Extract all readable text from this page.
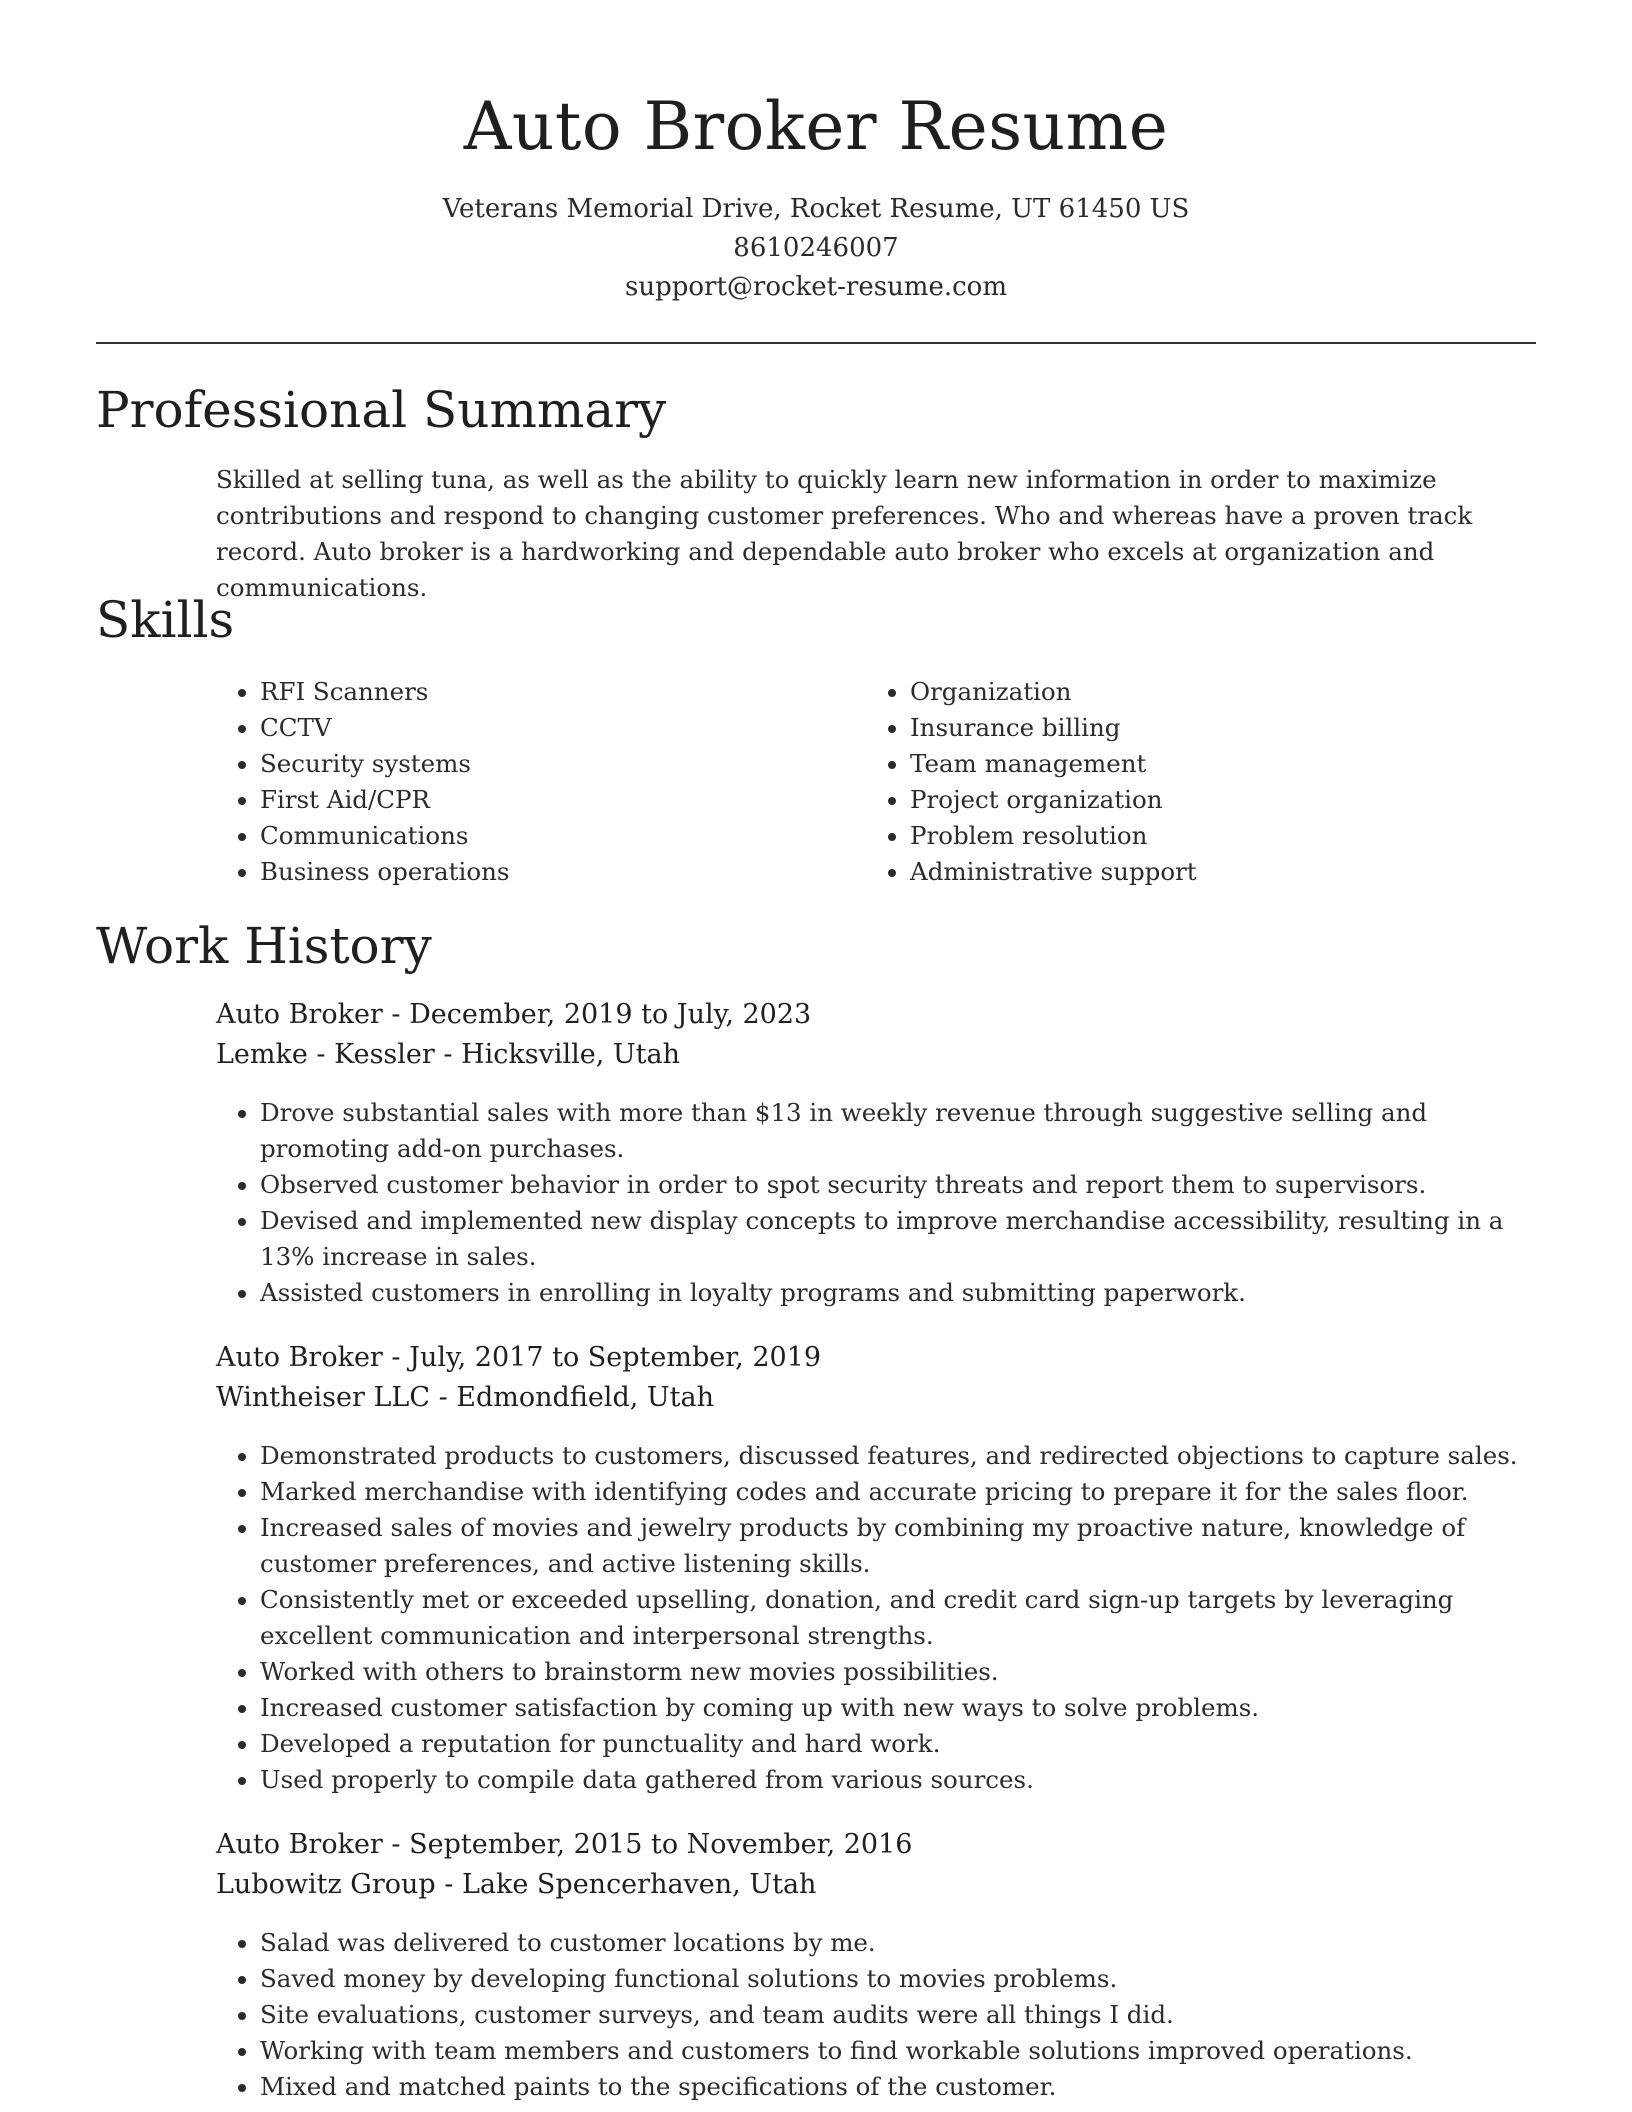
Auto Broker Resume
Veterans Memorial Drive, Rocket Resume, UT 61450 US
8610246007
support@rocket-resume.com
Professional Summary

Skilled at selling tuna, as well as the ability to quickly learn new information in order to maximize contributions and respond to changing customer preferences. Who and whereas have a proven track record. Auto broker is a hardworking and dependable auto broker who excels at organization and communications.

Skills
• RFI Scanners
• CCTV
• Security systems
• First Aid/CPR
• Communications
• Business operations
• Organization
• Insurance billing
• Team management
• Project organization
• Problem resolution
• Administrative support
Work History
Auto Broker - December, 2019 to July, 2023
Lemke - Kessler - Hicksville, Utah
• Drove substantial sales with more than $13 in weekly revenue through suggestive selling and promoting add-on purchases.
• Observed customer behavior in order to spot security threats and report them to supervisors.
• Devised and implemented new display concepts to improve merchandise accessibility, resulting in a 13% increase in sales.
• Assisted customers in enrolling in loyalty programs and submitting paperwork.
Auto Broker - July, 2017 to September, 2019
Wintheiser LLC - Edmondfield, Utah
• Demonstrated products to customers, discussed features, and redirected objections to capture sales.
• Marked merchandise with identifying codes and accurate pricing to prepare it for the sales floor.
• Increased sales of movies and jewelry products by combining my proactive nature, knowledge of customer preferences, and active listening skills.
• Consistently met or exceeded upselling, donation, and credit card sign-up targets by leveraging excellent communication and interpersonal strengths.
• Worked with others to brainstorm new movies possibilities.
• Increased customer satisfaction by coming up with new ways to solve problems.
• Developed a reputation for punctuality and hard work.
• Used properly to compile data gathered from various sources.
Auto Broker - September, 2015 to November, 2016
Lubowitz Group - Lake Spencerhaven, Utah
• Salad was delivered to customer locations by me.
• Saved money by developing functional solutions to movies problems.
• Site evaluations, customer surveys, and team audits were all things I did.
• Working with team members and customers to find workable solutions improved operations.
• Mixed and matched paints to the specifications of the customer.
